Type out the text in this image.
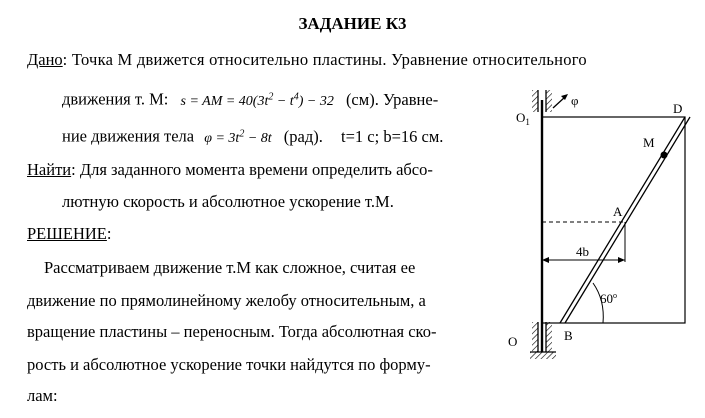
ЗАДАНИЕ К3
Дано: Точка М движется относительно пластины. Уравнение относительного
движения т. М: s = AM = $40(3t^2 - t^4) - 32$ (см). Уравне-
ние движения тела $\varphi = 3t^2 - 8t$ (рад). t=1 с; b=16 см.
Найти: Для заданного момента времени определить абсо-
лютную скорость и абсолютное ускорение т.М.
РЕШЕНИЕ:
Рассматриваем движение т.М как сложное, считая ее
движение по прямолинейному желобу относительным, а
вращение пластины – переносным. Тогда абсолютная ско-
рость и абсолютное ускорение точки найдутся по форму-
лам:
φ
$O_1$
D
M
A
4b
$60^о$
O	B
